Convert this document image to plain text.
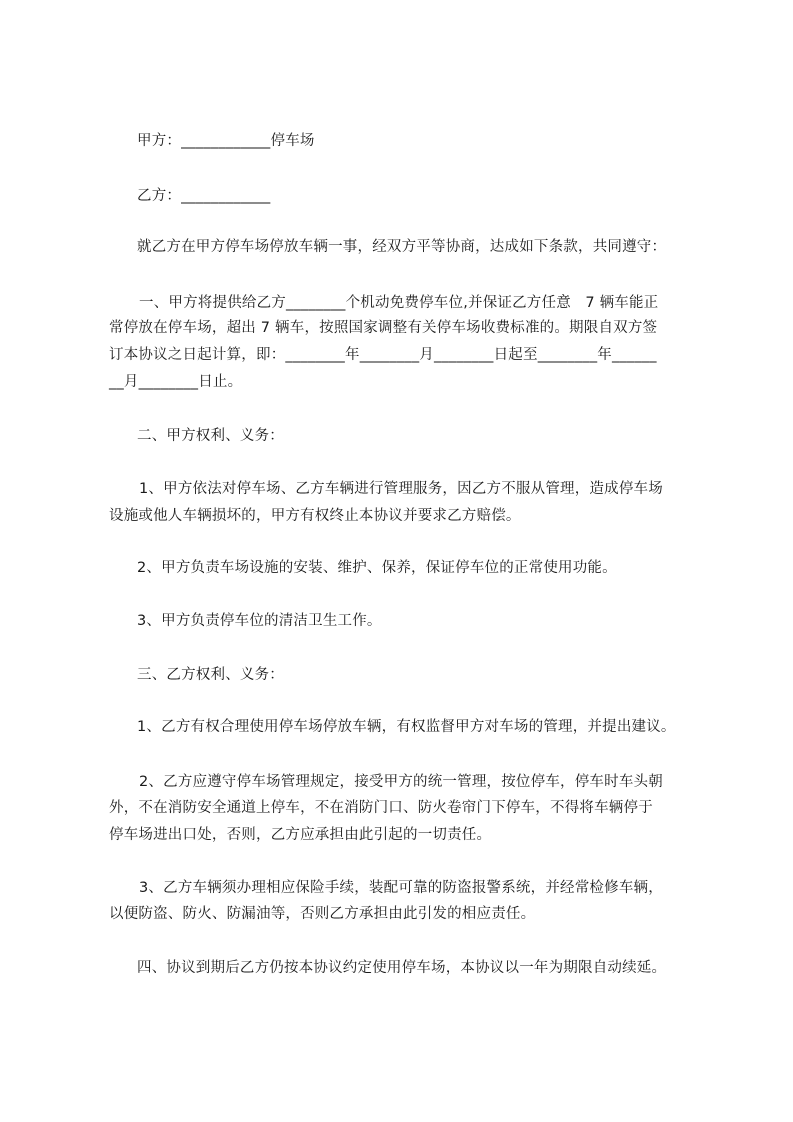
甲方：____________停车场
乙方：____________
就乙方在甲方停车场停放车辆一事，经双方平等协商，达成如下条款，共同遵守：
一、甲方将提供给乙方________个机动免费停车位,并保证乙方任意   7 辆车能正
常停放在停车场，超出 7 辆车，按照国家调整有关停车场收费标准的。期限自双方签
订本协议之日起计算，即：________年________月________日起至________年______
__月________日止。
二、甲方权利、义务：
1、甲方依法对停车场、乙方车辆进行管理服务，因乙方不服从管理，造成停车场
设施或他人车辆损坏的，甲方有权终止本协议并要求乙方赔偿。
2、甲方负责车场设施的安装、维护、保养，保证停车位的正常使用功能。
3、甲方负责停车位的清洁卫生工作。
三、乙方权利、义务：
1、乙方有权合理使用停车场停放车辆，有权监督甲方对车场的管理，并提出建议。
2、乙方应遵守停车场管理规定，接受甲方的统一管理，按位停车，停车时车头朝
外，不在消防安全通道上停车，不在消防门口、防火卷帘门下停车，不得将车辆停于
停车场进出口处，否则，乙方应承担由此引起的一切责任。
3、乙方车辆须办理相应保险手续，装配可靠的防盗报警系统，并经常检修车辆，
以便防盗、防火、防漏油等，否则乙方承担由此引发的相应责任。
四、协议到期后乙方仍按本协议约定使用停车场，本协议以一年为期限自动续延。
